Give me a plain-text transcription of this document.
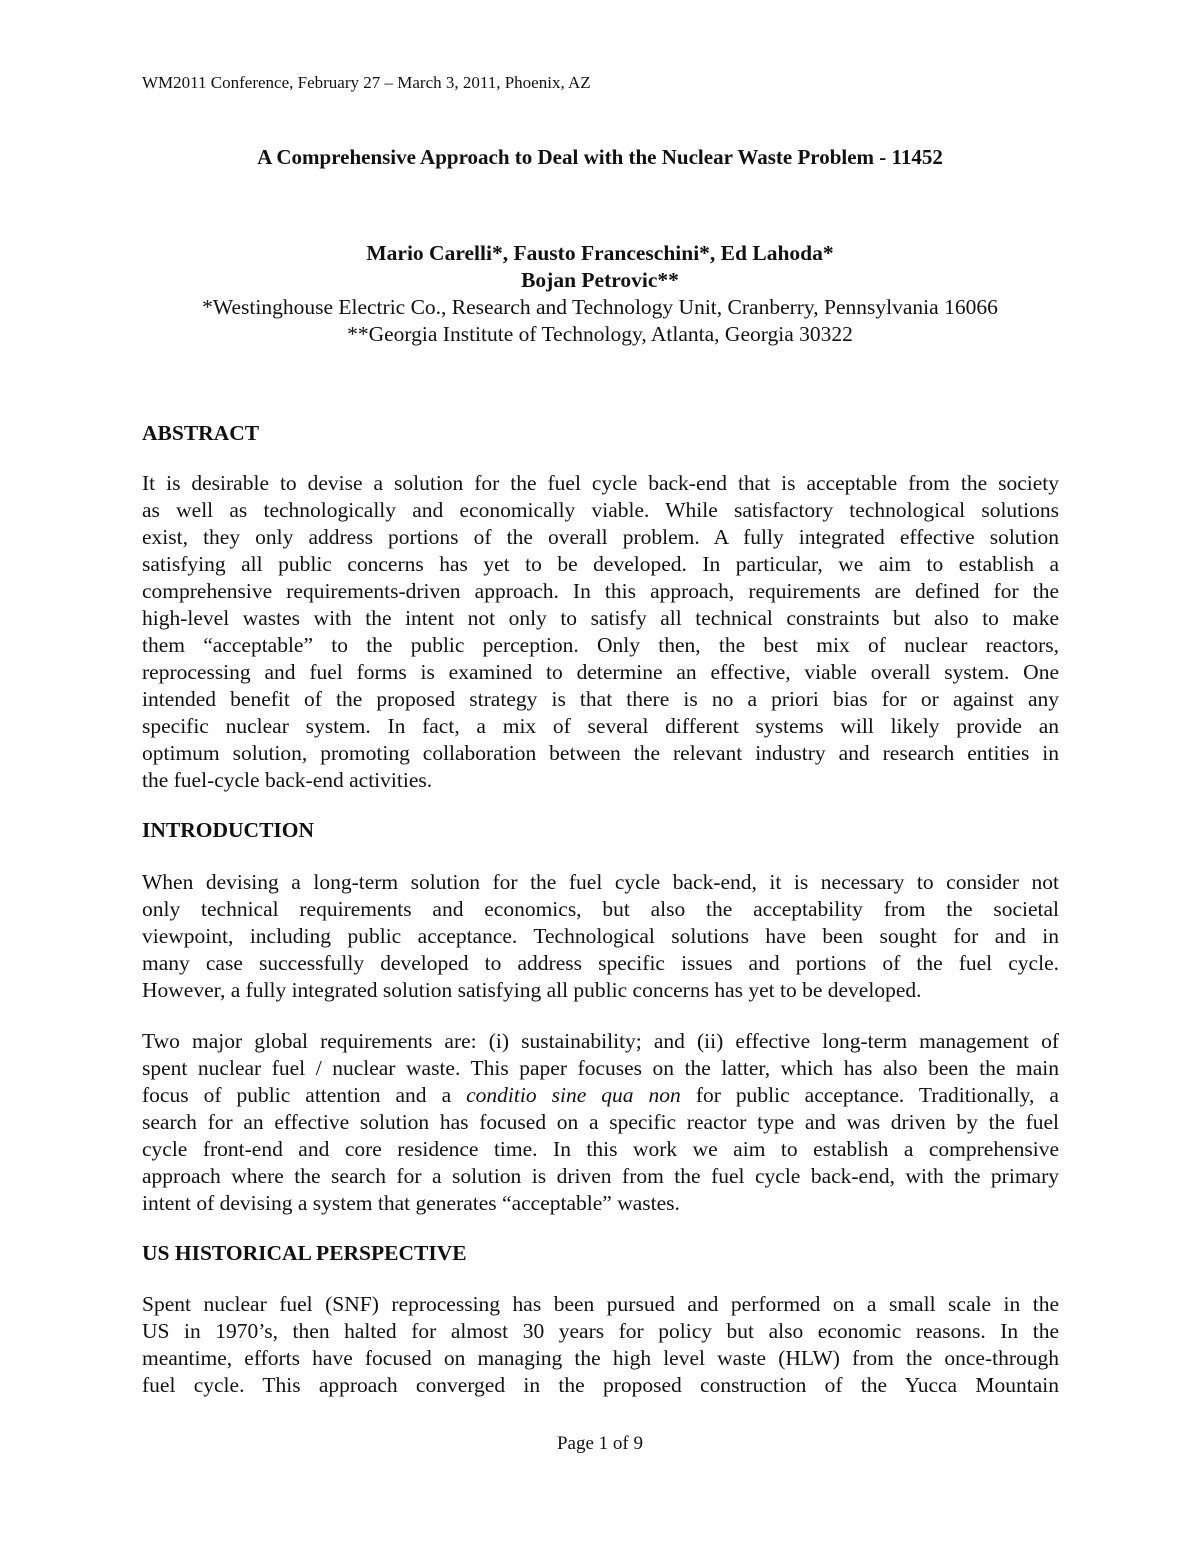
WM2011 Conference, February 27 – March 3, 2011, Phoenix, AZ
A Comprehensive Approach to Deal with the Nuclear Waste Problem - 11452
Mario Carelli*, Fausto Franceschini*, Ed Lahoda*
Bojan Petrovic**
*Westinghouse Electric Co., Research and Technology Unit, Cranberry, Pennsylvania 16066
**Georgia Institute of Technology, Atlanta, Georgia 30322
ABSTRACT
It is desirable to devise a solution for the fuel cycle back-end that is acceptable from the society
as well as technologically and economically viable. While satisfactory technological solutions
exist, they only address portions of the overall problem. A fully integrated effective solution
satisfying all public concerns has yet to be developed. In particular, we aim to establish a
comprehensive requirements-driven approach. In this approach, requirements are defined for the
high-level wastes with the intent not only to satisfy all technical constraints but also to make
them “acceptable” to the public perception. Only then, the best mix of nuclear reactors,
reprocessing and fuel forms is examined to determine an effective, viable overall system. One
intended benefit of the proposed strategy is that there is no a priori bias for or against any
specific nuclear system. In fact, a mix of several different systems will likely provide an
optimum solution, promoting collaboration between the relevant industry and research entities in
the fuel-cycle back-end activities.
INTRODUCTION
When devising a long-term solution for the fuel cycle back-end, it is necessary to consider not
only technical requirements and economics, but also the acceptability from the societal
viewpoint, including public acceptance. Technological solutions have been sought for and in
many case successfully developed to address specific issues and portions of the fuel cycle.
However, a fully integrated solution satisfying all public concerns has yet to be developed.
Two major global requirements are: (i) sustainability; and (ii) effective long-term management of
spent nuclear fuel / nuclear waste. This paper focuses on the latter, which has also been the main
focus of public attention and a conditio sine qua non for public acceptance. Traditionally, a
search for an effective solution has focused on a specific reactor type and was driven by the fuel
cycle front-end and core residence time. In this work we aim to establish a comprehensive
approach where the search for a solution is driven from the fuel cycle back-end, with the primary
intent of devising a system that generates “acceptable” wastes.
US HISTORICAL PERSPECTIVE
Spent nuclear fuel (SNF) reprocessing has been pursued and performed on a small scale in the
US in 1970’s, then halted for almost 30 years for policy but also economic reasons. In the
meantime, efforts have focused on managing the high level waste (HLW) from the once-through
fuel cycle. This approach converged in the proposed construction of the Yucca Mountain
Page 1 of 9
